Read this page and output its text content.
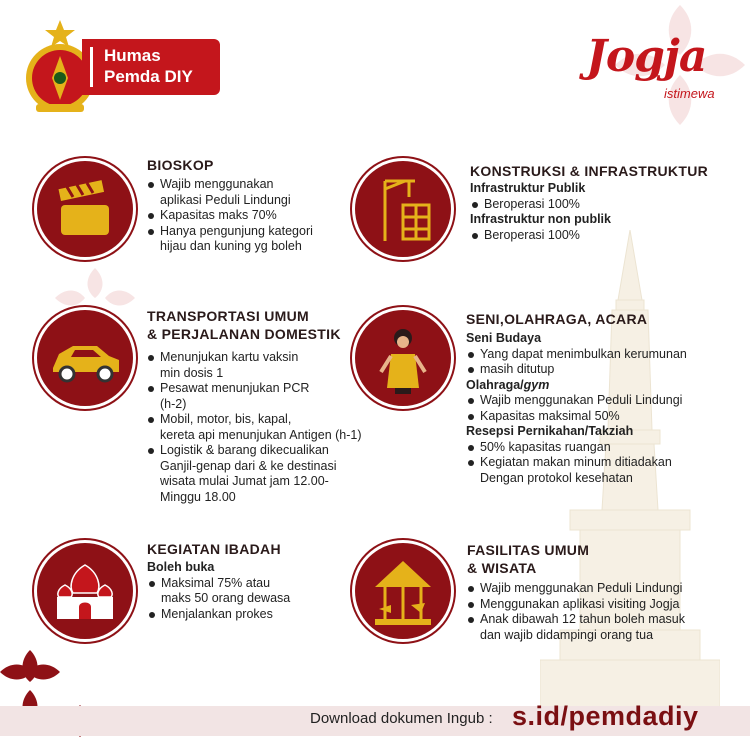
Humas
Pemda DIY	Jogja
istimewa
BIOSKOP
Wajib menggunakan
aplikasi Peduli Lindungi
Kapasitas maks 70%
Hanya pengunjung kategori
hijau dan kuning yg boleh
KONSTRUKSI & INFRASTRUKTUR
Infrastruktur Publik
Beroperasi 100%
Infrastruktur non publik
Beroperasi 100%
TRANSPORTASI UMUM
& PERJALANAN DOMESTIK
Menunjukan kartu vaksin
min dosis 1
Pesawat menunjukan PCR
(h-2)
Mobil, motor, bis, kapal,
kereta api menunjukan Antigen (h-1)
Logistik & barang dikecualikan
Ganjil-genap dari & ke destinasi
wisata mulai Jumat jam 12.00-
Minggu 18.00
SENI,OLAHRAGA, ACARA
Seni Budaya
Yang dapat menimbulkan kerumunan
masih ditutup
Olahraga/gym
Wajib menggunakan Peduli Lindungi
Kapasitas maksimal 50%
Resepsi Pernikahan/Takziah
50% kapasitas ruangan
Kegiatan makan minum ditiadakan
Dengan protokol kesehatan
KEGIATAN IBADAH
Boleh buka
Maksimal 75% atau
maks 50 orang dewasa
Menjalankan prokes
FASILITAS UMUM
& WISATA
Wajib menggunakan Peduli Lindungi
Menggunakan aplikasi visiting Jogja
Anak dibawah 12 tahun boleh masuk
dan wajib didampingi orang tua
Download dokumen Ingub : s.id/pemdadiy
